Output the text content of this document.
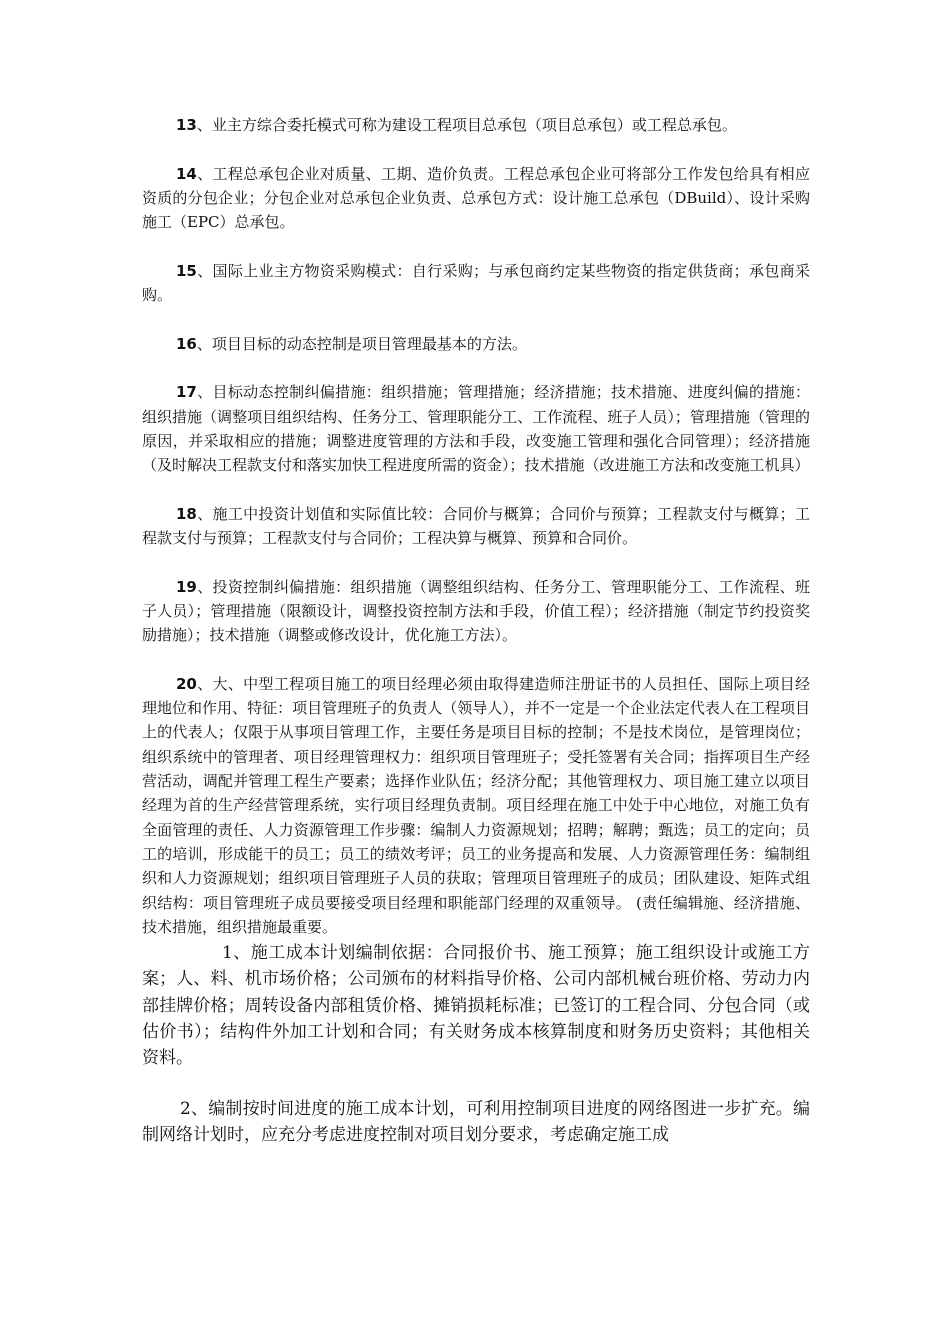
13、业主方综合委托模式可称为建设工程项目总承包（项目总承包）或工程总承包。

14、工程总承包企业对质量、工期、造价负责。工程总承包企业可将部分工作发包给具有相应资质的分包企业；分包企业对总承包企业负责、总承包方式：设计施工总承包（DBuild）、设计采购施工（EPC）总承包。

15、国际上业主方物资采购模式：自行采购；与承包商约定某些物资的指定供货商；承包商采购。

16、项目目标的动态控制是项目管理最基本的方法。

17、目标动态控制纠偏措施：组织措施；管理措施；经济措施；技术措施、进度纠偏的措施：组织措施（调整项目组织结构、任务分工、管理职能分工、工作流程、班子人员）；管理措施（管理的原因，并采取相应的措施；调整进度管理的方法和手段，改变施工管理和强化合同管理）；经济措施（及时解决工程款支付和落实加快工程进度所需的资金）；技术措施（改进施工方法和改变施工机具）

18、施工中投资计划值和实际值比较：合同价与概算；合同价与预算；工程款支付与概算；工程款支付与预算；工程款支付与合同价；工程决算与概算、预算和合同价。

19、投资控制纠偏措施：组织措施（调整组织结构、任务分工、管理职能分工、工作流程、班子人员）；管理措施（限额设计，调整投资控制方法和手段，价值工程）；经济措施（制定节约投资奖励措施）；技术措施（调整或修改设计，优化施工方法）。

20、大、中型工程项目施工的项目经理必须由取得建造师注册证书的人员担任、国际上项目经理地位和作用、特征：项目管理班子的负责人（领导人），并不一定是一个企业法定代表人在工程项目上的代表人；仅限于从事项目管理工作，主要任务是项目目标的控制；不是技术岗位，是管理岗位；组织系统中的管理者、项目经理管理权力：组织项目管理班子；受托签署有关合同；指挥项目生产经营活动，调配并管理工程生产要素；选择作业队伍；经济分配；其他管理权力、项目施工建立以项目经理为首的生产经营管理系统，实行项目经理负责制。项目经理在施工中处于中心地位，对施工负有全面管理的责任、人力资源管理工作步骤：编制人力资源规划；招聘；解聘；甄选；员工的定向；员工的培训，形成能干的员工；员工的绩效考评；员工的业务提高和发展、人力资源管理任务：编制组织和人力资源规划；组织项目管理班子人员的获取；管理项目管理班子的成员；团队建设、矩阵式组织结构：项目管理班子成员要接受项目经理和职能部门经理的双重领导。 (责任编辑施、经济措施、技术措施，组织措施最重要。

1、施工成本计划编制依据：合同报价书、施工预算；施工组织设计或施工方案；人、料、机市场价格；公司颁布的材料指导价格、公司内部机械台班价格、劳动力内部挂牌价格；周转设备内部租赁价格、摊销损耗标准；已签订的工程合同、分包合同（或估价书）；结构件外加工计划和合同；有关财务成本核算制度和财务历史资料；其他相关资料。

2、编制按时间进度的施工成本计划，可利用控制项目进度的网络图进一步扩充。编制网络计划时，应充分考虑进度控制对项目划分要求，考虑确定施工成
